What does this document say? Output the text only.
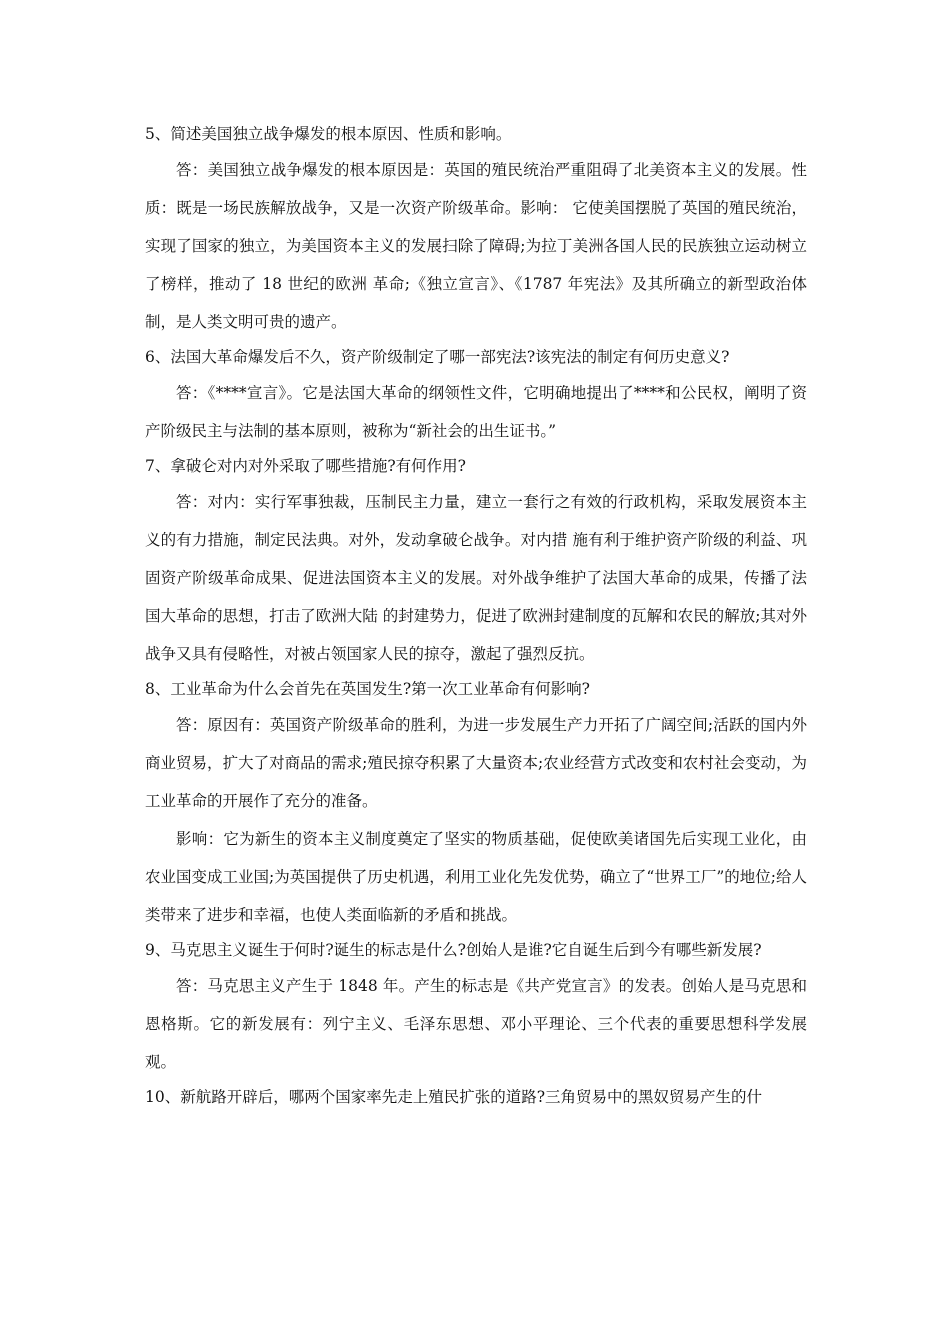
5、简述美国独立战争爆发的根本原因、性质和影响。

答：美国独立战争爆发的根本原因是：英国的殖民统治严重阻碍了北美资本主义的发展。性质：既是一场民族解放战争，又是一次资产阶级革命。影响： 它使美国摆脱了英国的殖民统治，实现了国家的独立，为美国资本主义的发展扫除了障碍;为拉丁美洲各国人民的民族独立运动树立了榜样，推动了 18 世纪的欧洲 革命;《独立宣言》、《1787 年宪法》及其所确立的新型政治体制，是人类文明可贵的遗产。

6、法国大革命爆发后不久，资产阶级制定了哪一部宪法?该宪法的制定有何历史意义?

答：《****宣言》。它是法国大革命的纲领性文件，它明确地提出了****和公民权，阐明了资产阶级民主与法制的基本原则，被称为“新社会的出生证书。”

7、拿破仑对内对外采取了哪些措施?有何作用?

答：对内：实行军事独裁，压制民主力量，建立一套行之有效的行政机构，采取发展资本主义的有力措施，制定民法典。对外，发动拿破仑战争。对内措 施有利于维护资产阶级的利益、巩固资产阶级革命成果、促进法国资本主义的发展。对外战争维护了法国大革命的成果，传播了法国大革命的思想，打击了欧洲大陆 的封建势力，促进了欧洲封建制度的瓦解和农民的解放;其对外战争又具有侵略性，对被占领国家人民的掠夺，激起了强烈反抗。

8、工业革命为什么会首先在英国发生?第一次工业革命有何影响?

答：原因有：英国资产阶级革命的胜利，为进一步发展生产力开拓了广阔空间;活跃的国内外商业贸易，扩大了对商品的需求;殖民掠夺积累了大量资本;农业经营方式改变和农村社会变动，为工业革命的开展作了充分的准备。

影响：它为新生的资本主义制度奠定了坚实的物质基础，促使欧美诸国先后实现工业化，由农业国变成工业国;为英国提供了历史机遇，利用工业化先发优势，确立了“世界工厂”的地位;给人类带来了进步和幸福，也使人类面临新的矛盾和挑战。

9、马克思主义诞生于何时?诞生的标志是什么?创始人是谁?它自诞生后到今有哪些新发展?

答：马克思主义产生于 1848 年。产生的标志是《共产党宣言》的发表。创始人是马克思和恩格斯。它的新发展有：列宁主义、毛泽东思想、邓小平理论、三个代表的重要思想科学发展观。

10、新航路开辟后，哪两个国家率先走上殖民扩张的道路?三角贸易中的黑奴贸易产生的什
